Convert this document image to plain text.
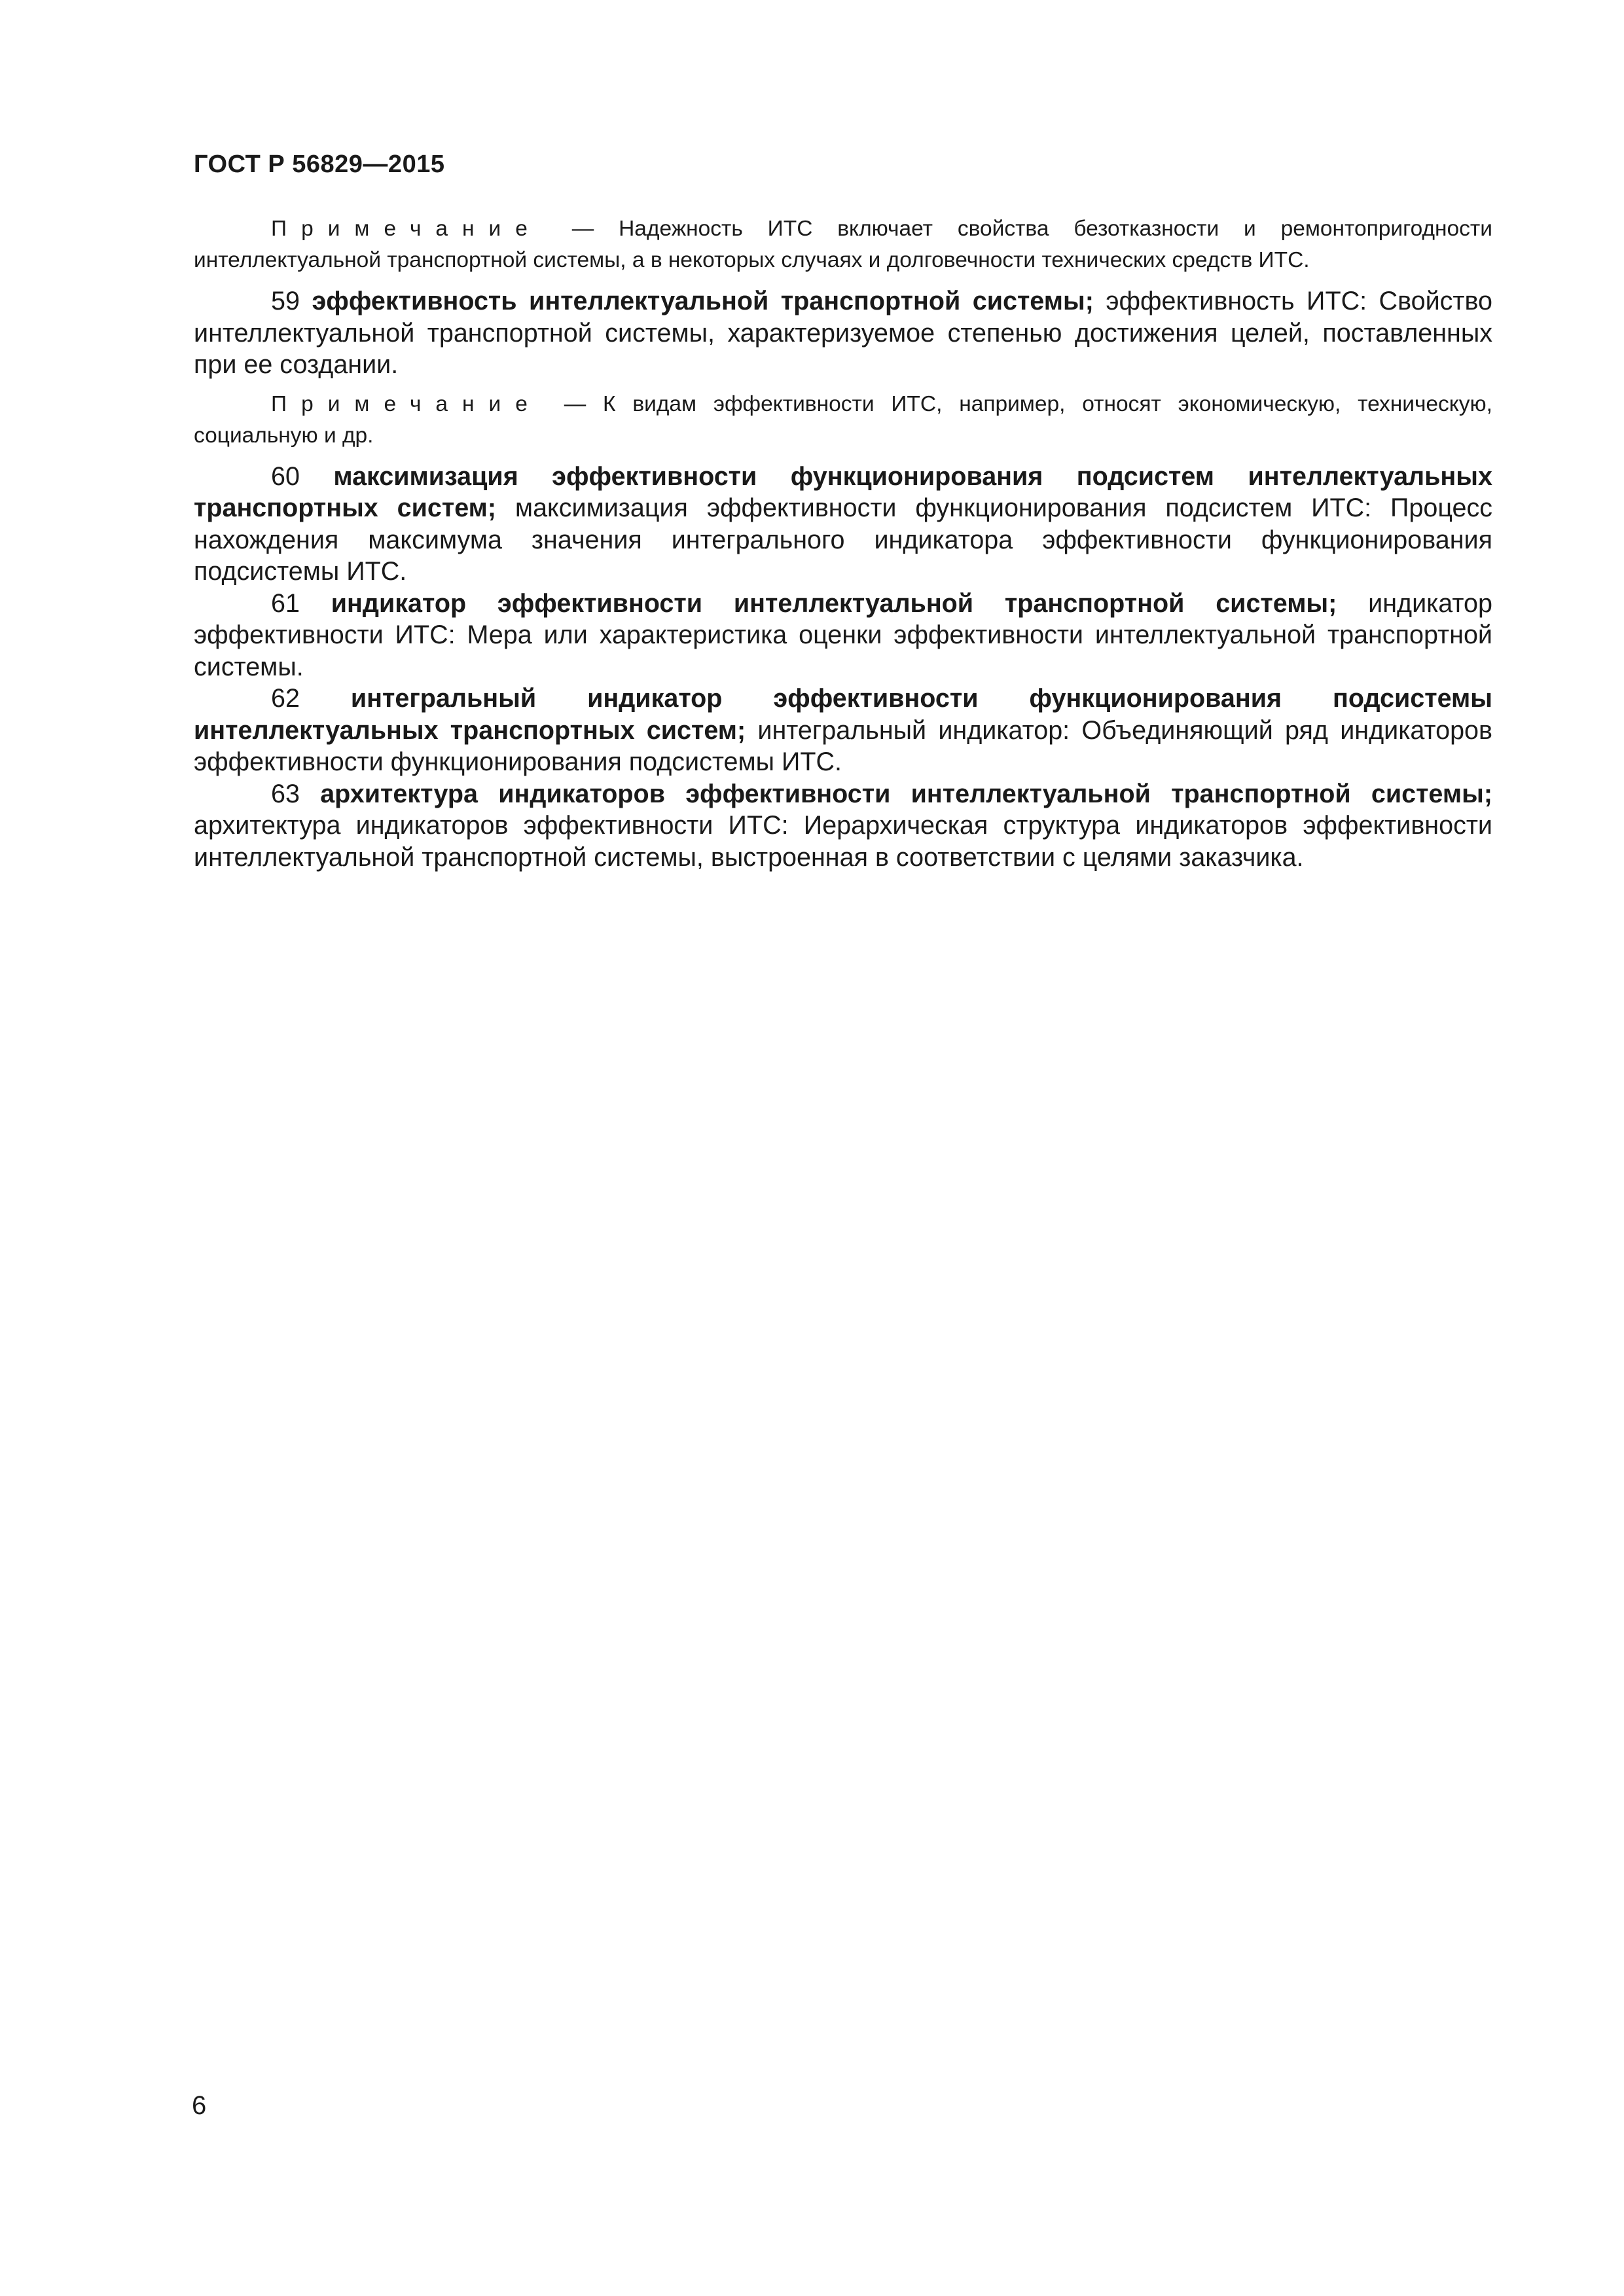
ГОСТ Р 56829—2015

Примечание — Надежность ИТС включает свойства безотказности и ремонтопригодности интеллектуальной транспортной системы, а в некоторых случаях и долговечности технических средств ИТС.

59 эффективность интеллектуальной транспортной системы; эффективность ИТС: Свойство интеллектуальной транспортной системы, характеризуемое степенью достижения целей, поставленных при ее создании.

Примечание — К видам эффективности ИТС, например, относят экономическую, техническую, социальную и др.

60 максимизация эффективности функционирования подсистем интеллектуальных транспортных систем; максимизация эффективности функционирования подсистем ИТС: Процесс нахождения максимума значения интегрального индикатора эффективности функционирования подсистемы ИТС.

61 индикатор эффективности интеллектуальной транспортной системы; индикатор эффективности ИТС: Мера или характеристика оценки эффективности интеллектуальной транспортной системы.

62 интегральный индикатор эффективности функционирования подсистемы интеллектуальных транспортных систем; интегральный индикатор: Объединяющий ряд индикаторов эффективности функционирования подсистемы ИТС.

63 архитектура индикаторов эффективности интеллектуальной транспортной системы; архитектура индикаторов эффективности ИТС: Иерархическая структура индикаторов эффективности интеллектуальной транспортной системы, выстроенная в соответствии с целями заказчика.

6
